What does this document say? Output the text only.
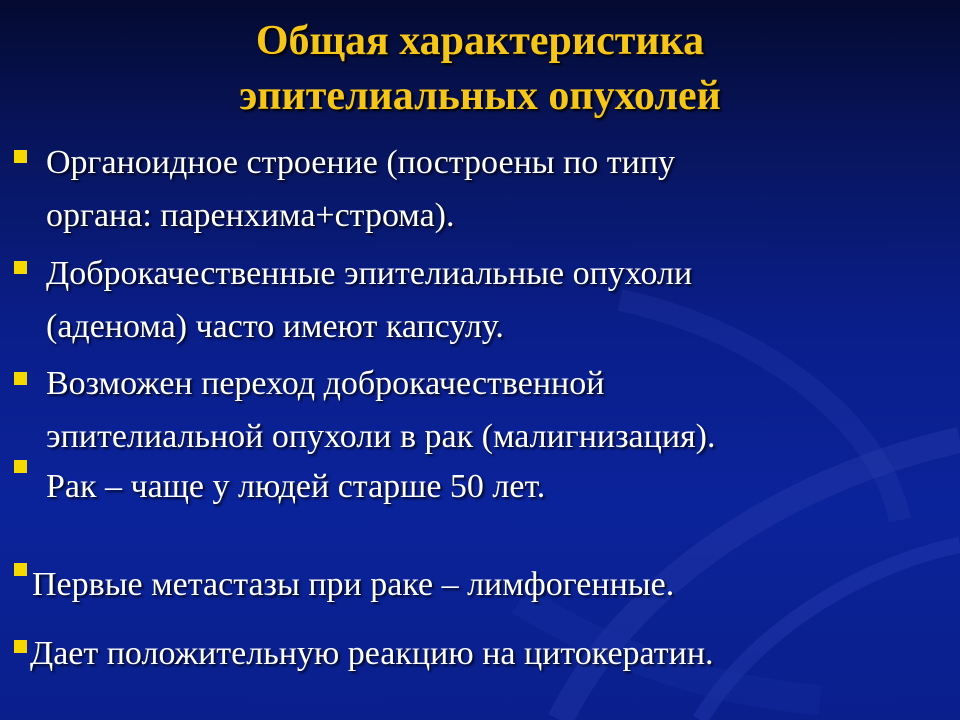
Общая характеристика
эпителиальных опухолей
Органоидное строение (построены по типу
органа: паренхима+строма).
Доброкачественные эпителиальные опухоли
(аденома) часто имеют капсулу.
Возможен переход доброкачественной
эпителиальной опухоли в рак (малигнизация).
Рак – чаще у людей старше 50 лет.
Первые метастазы при раке – лимфогенные.
Дает положительную реакцию на цитокератин.
